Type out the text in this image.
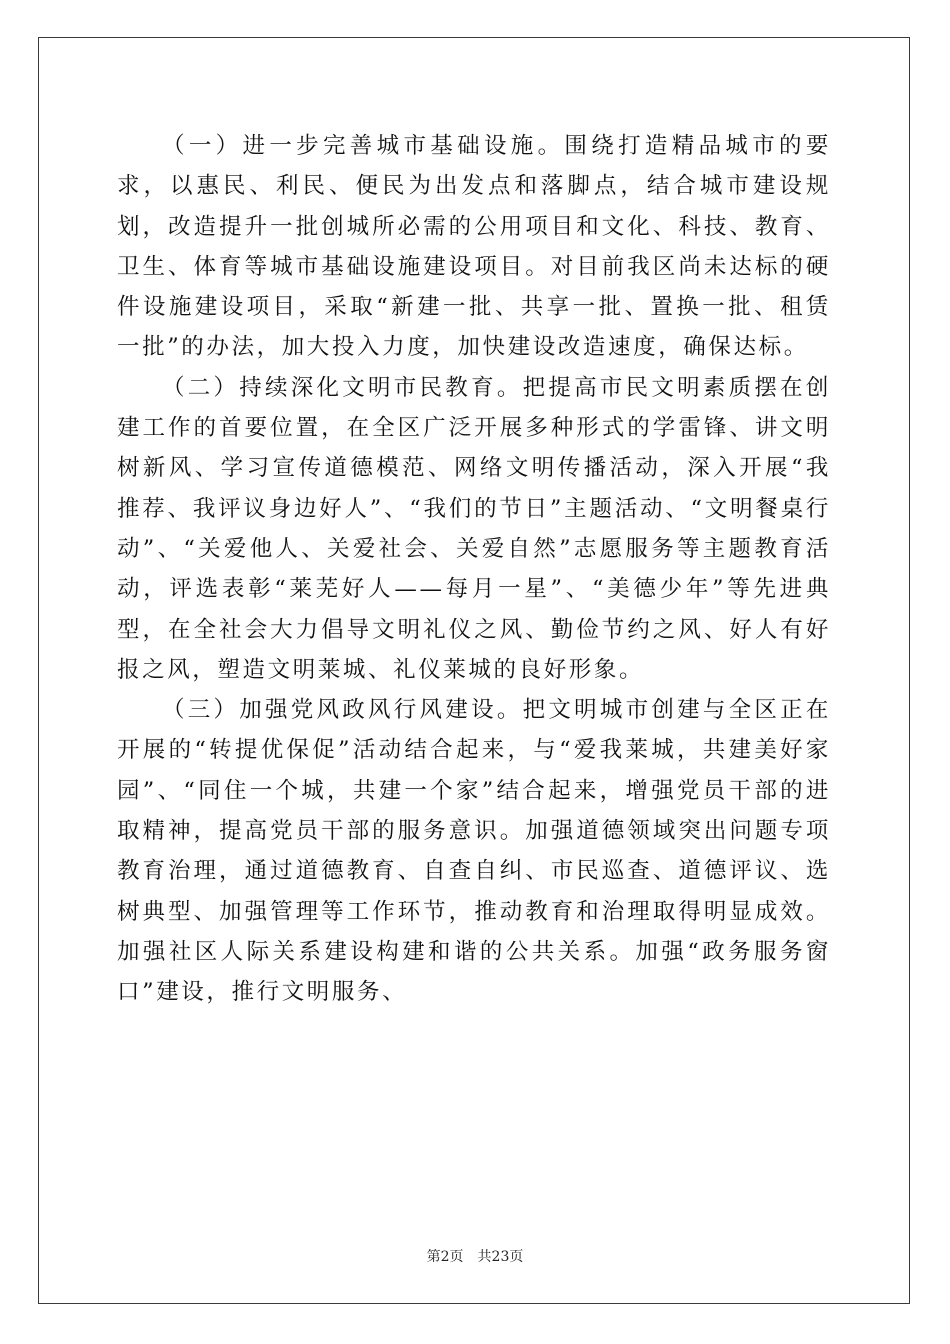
（一）进一步完善城市基础设施。围绕打造精品城市的要求，以惠民、利民、便民为出发点和落脚点，结合城市建设规划，改造提升一批创城所必需的公用项目和文化、科技、教育、卫生、体育等城市基础设施建设项目。对目前我区尚未达标的硬件设施建设项目，采取“新建一批、共享一批、置换一批、租赁一批”的办法，加大投入力度，加快建设改造速度，确保达标。

（二）持续深化文明市民教育。把提高市民文明素质摆在创建工作的首要位置，在全区广泛开展多种形式的学雷锋、讲文明树新风、学习宣传道德模范、网络文明传播活动，深入开展“我推荐、我评议身边好人”、“我们的节日”主题活动、“文明餐桌行动”、“关爱他人、关爱社会、关爱自然”志愿服务等主题教育活动，评选表彰“莱芜好人——每月一星”、“美德少年”等先进典型，在全社会大力倡导文明礼仪之风、勤俭节约之风、好人有好报之风，塑造文明莱城、礼仪莱城的良好形象。

（三）加强党风政风行风建设。把文明城市创建与全区正在开展的“转提优保促”活动结合起来，与“爱我莱城，共建美好家园”、“同住一个城，共建一个家”结合起来，增强党员干部的进取精神，提高党员干部的服务意识。加强道德领域突出问题专项教育治理，通过道德教育、自查自纠、市民巡查、道德评议、选树典型、加强管理等工作环节，推动教育和治理取得明显成效。加强社区人际关系建设构建和谐的公共关系。加强“政务服务窗口”建设，推行文明服务、

第2页 共23页
